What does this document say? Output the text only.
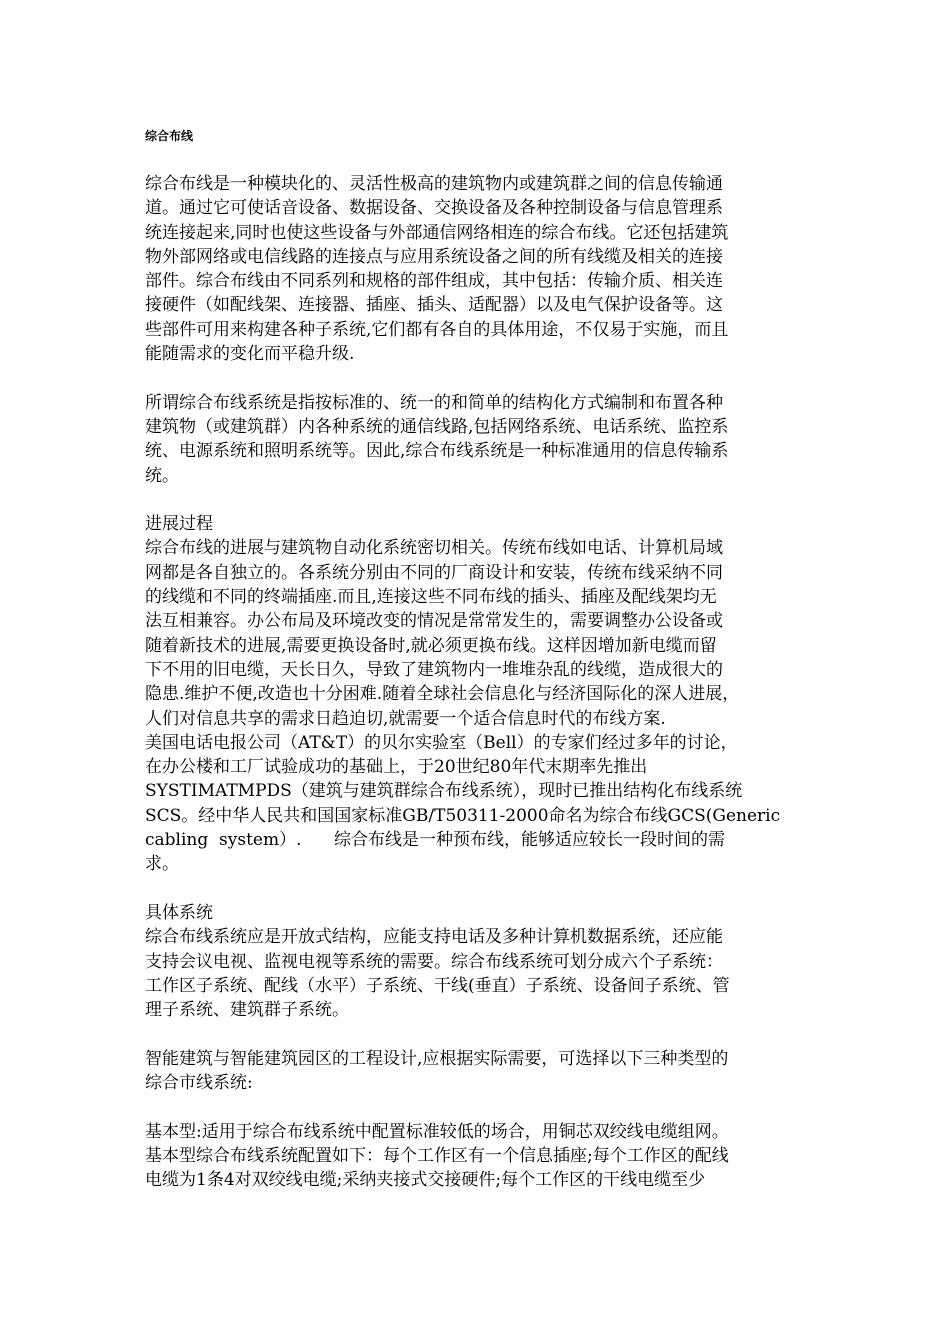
综合布线
综合布线是一种模块化的、灵活性极高的建筑物内或建筑群之间的信息传输通
道。通过它可使话音设备、数据设备、交换设备及各种控制设备与信息管理系
统连接起来,同时也使这些设备与外部通信网络相连的综合布线。它还包括建筑
物外部网络或电信线路的连接点与应用系统设备之间的所有线缆及相关的连接
部件。综合布线由不同系列和规格的部件组成，其中包括：传输介质、相关连
接硬件（如配线架、连接器、插座、插头、适配器）以及电气保护设备等。这
些部件可用来构建各种子系统,它们都有各自的具体用途，不仅易于实施，而且
能随需求的变化而平稳升级.
所谓综合布线系统是指按标准的、统一的和简单的结构化方式编制和布置各种
建筑物（或建筑群）内各种系统的通信线路,包括网络系统、电话系统、监控系
统、电源系统和照明系统等。因此,综合布线系统是一种标准通用的信息传输系
统。
进展过程
综合布线的进展与建筑物自动化系统密切相关。传统布线如电话、计算机局域
网都是各自独立的。各系统分别由不同的厂商设计和安装，传统布线采纳不同
的线缆和不同的终端插座.而且,连接这些不同布线的插头、插座及配线架均无
法互相兼容。办公布局及环境改变的情况是常常发生的，需要调整办公设备或
随着新技术的进展,需要更换设备时,就必须更换布线。这样因增加新电缆而留
下不用的旧电缆，天长日久，导致了建筑物内一堆堆杂乱的线缆，造成很大的
隐患.维护不便,改造也十分困难.随着全球社会信息化与经济国际化的深人进展，
人们对信息共享的需求日趋迫切,就需要一个适合信息时代的布线方案.
美国电话电报公司（AT&T）的贝尔实验室（Bell）的专家们经过多年的讨论，
在办公楼和工厂试验成功的基础上，于20世纪80年代末期率先推出
SYSTIMATMPDS（建筑与建筑群综合布线系统），现时已推出结构化布线系统
SCS。经中华人民共和国国家标准GB/T50311-2000命名为综合布线GCS(Generic
cabling  system）.      综合布线是一种预布线，能够适应较长一段时间的需
求。
具体系统
综合布线系统应是开放式结构，应能支持电话及多种计算机数据系统，还应能
支持会议电视、监视电视等系统的需要。综合布线系统可划分成六个子系统：
工作区子系统、配线（水平）子系统、干线(垂直）子系统、设备间子系统、管
理子系统、建筑群子系统。
智能建筑与智能建筑园区的工程设计,应根据实际需要，可选择以下三种类型的
综合市线系统:
基本型:适用于综合布线系统中配置标准较低的场合，用铜芯双绞线电缆组网。
基本型综合布线系统配置如下：每个工作区有一个信息插座;每个工作区的配线
电缆为1条4对双绞线电缆;采纳夹接式交接硬件;每个工作区的干线电缆至少
